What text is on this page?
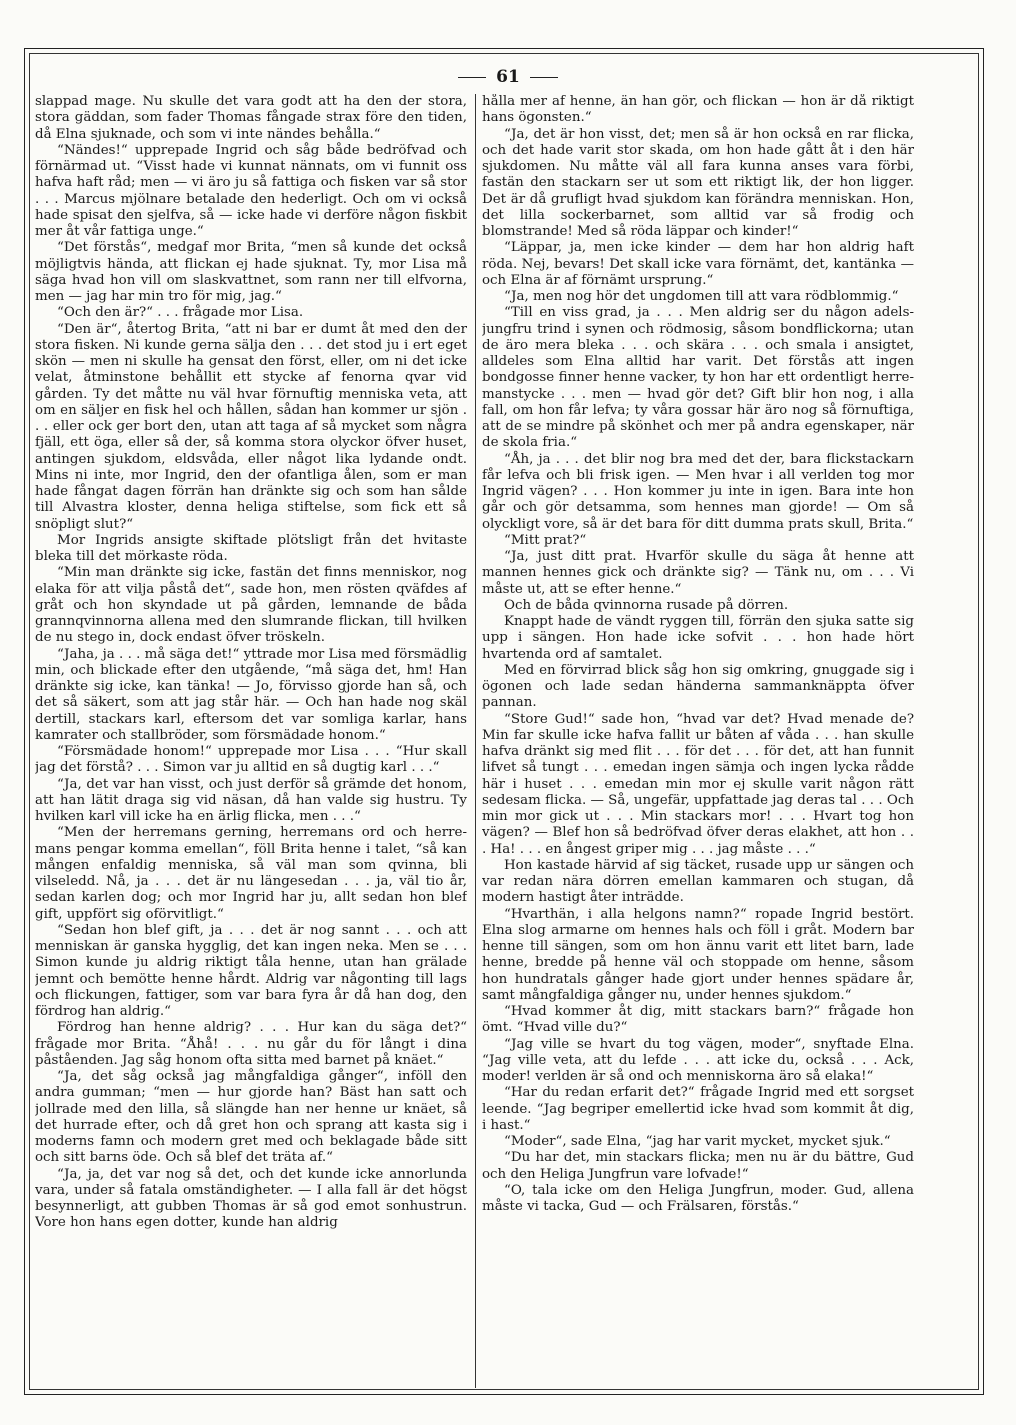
61

slappad mage. Nu skulle det vara godt att ha den der stora, stora gäddan, som fader Thomas fångade strax före den tiden, då Elna sjuknade, och som vi inte nändes behålla.“

“Nändes!“ upprepade Ingrid och såg både bedröfvad och förnärmad ut. “Visst hade vi kunnat nännats, om vi funnit oss hafva haft råd; men — vi äro ju så fattiga och fisken var så stor . . . Marcus mjölnare betalade den hederligt. Och om vi också hade spisat den sjelfva, så — icke hade vi derföre någon fiskbit mer åt vår fattiga unge.“

“Det förstås“, medgaf mor Brita, “men så kunde det också möjligtvis hända, att flickan ej hade sjuknat. Ty, mor Lisa må säga hvad hon vill om slaskvattnet, som rann ner till elfvorna, men — jag har min tro för mig, jag.“

“Och den är?“ . . . frågade mor Lisa.

“Den är“, återtog Brita, “att ni bar er dumt åt med den der stora fisken. Ni kunde gerna sälja den . . . det stod ju i ert eget skön — men ni skulle ha gensat den först, eller, om ni det icke velat, åtminstone behållit ett stycke af fenorna qvar vid gården. Ty det måtte nu väl hvar förnuftig menniska veta, att om en säljer en fisk hel och hållen, sådan han kommer ur sjön . . . eller ock ger bort den, utan att taga af så mycket som några fjäll, ett öga, eller så der, så komma stora olyckor öfver huset, antingen sjukdom, eldsvåda, eller något lika lydande ondt. Mins ni inte, mor Ingrid, den der ofantliga ålen, som er man hade fångat dagen förrän han dränkte sig och som han sålde till Alvastra kloster, denna heliga stiftelse, som fick ett så snöpligt slut?“

Mor Ingrids ansigte skiftade plötsligt från det hvitaste bleka till det mörkaste röda.

“Min man dränkte sig icke, fastän det finns menniskor, nog elaka för att vilja påstå det“, sade hon, men rösten qväfdes af gråt och hon skyndade ut på gården, lemnande de båda grannqvinnorna allena med den slumrande flickan, till hvilken de nu stego in, dock endast öfver tröskeln.

“Jaha, ja . . . må säga det!“ yttrade mor Lisa med försmädlig min, och blickade efter den utgående, “må säga det, hm! Han dränkte sig icke, kan tänka! — Jo, förvisso gjorde han så, och det så säkert, som att jag står här. — Och han hade nog skäl dertill, stackars karl, eftersom det var somliga karlar, hans kamrater och stallbröder, som försmädade honom.“

“Försmädade honom!“ upprepade mor Lisa . . . “Hur skall jag det förstå? . . . Simon var ju alltid en så dugtig karl . . .“

“Ja, det var han visst, och just derför så grämde det honom, att han lätit draga sig vid näsan, då han valde sig hustru. Ty hvilken karl vill icke ha en ärlig flicka, men . . .“

“Men der herremans gerning, herremans ord och herremans pengar komma emellan“, föll Brita henne i talet, “så kan mången enfaldig menniska, så väl man som qvinna, bli vilseledd. Nå, ja . . . det är nu längesedan . . . ja, väl tio år, sedan karlen dog; och mor Ingrid har ju, allt sedan hon blef gift, uppfört sig oförvitligt.“

“Sedan hon blef gift, ja . . . det är nog sannt . . . och att menniskan är ganska hygglig, det kan ingen neka. Men se . . . Simon kunde ju aldrig riktigt tåla henne, utan han grälade jemnt och bemötte henne hårdt. Aldrig var någonting till lags och flickungen, fattiger, som var bara fyra år då han dog, den fördrog han aldrig.“

Fördrog han henne aldrig? . . . Hur kan du säga det?“ frågade mor Brita. “Åhå! . . . nu går du för långt i dina påståenden. Jag såg honom ofta sitta med barnet på knäet.“

“Ja, det såg också jag mångfaldiga gånger“, inföll den andra gumman; “men — hur gjorde han? Bäst han satt och jollrade med den lilla, så slängde han ner henne ur knäet, så det hurrade efter, och då gret hon och sprang att kasta sig i moderns famn och modern gret med och beklagade både sitt och sitt barns öde. Och så blef det träta af.“

“Ja, ja, det var nog så det, och det kunde icke annorlunda vara, under så fatala omständigheter. — I alla fall är det högst besynnerligt, att gubben Thomas är så god emot sonhustrun. Vore hon hans egen dotter, kunde han aldrig

hålla mer af henne, än han gör, och flickan — hon är då riktigt hans ögonsten.“

“Ja, det är hon visst, det; men så är hon också en rar flicka, och det hade varit stor skada, om hon hade gått åt i den här sjukdomen. Nu måtte väl all fara kunna anses vara förbi, fastän den stackarn ser ut som ett riktigt lik, der hon ligger. Det är då grufligt hvad sjukdom kan förändra menniskan. Hon, det lilla sockerbarnet, som alltid var så frodig och blomstrande! Med så röda läppar och kinder!“

“Läppar, ja, men icke kinder — dem har hon aldrig haft röda. Nej, bevars! Det skall icke vara förnämt, det, kantänka — och Elna är af förnämt ursprung.“

“Ja, men nog hör det ungdomen till att vara rödblommig.“

“Till en viss grad, ja . . . Men aldrig ser du någon adelsjungfru trind i synen och rödmosig, såsom bondflickorna; utan de äro mera bleka . . . och skära . . . och smala i ansigtet, alldeles som Elna alltid har varit. Det förstås att ingen bondgosse finner henne vacker, ty hon har ett ordentligt herremanstycke . . . men — hvad gör det? Gift blir hon nog, i alla fall, om hon får lefva; ty våra gossar här äro nog så förnuftiga, att de se mindre på skönhet och mer på andra egenskaper, när de skola fria.“

“Åh, ja . . . det blir nog bra med det der, bara flickstackarn får lefva och bli frisk igen. — Men hvar i all verlden tog mor Ingrid vägen? . . . Hon kommer ju inte in igen. Bara inte hon går och gör detsamma, som hennes man gjorde! — Om så olyckligt vore, så är det bara för ditt dumma prats skull, Brita.“

“Mitt prat?“

“Ja, just ditt prat. Hvarför skulle du säga åt henne att mannen hennes gick och dränkte sig? — Tänk nu, om . . . Vi måste ut, att se efter henne.“

Och de båda qvinnorna rusade på dörren.

Knappt hade de vändt ryggen till, förrän den sjuka satte sig upp i sängen. Hon hade icke sofvit . . . hon hade hört hvartenda ord af samtalet.

Med en förvirrad blick såg hon sig omkring, gnuggade sig i ögonen och lade sedan händerna sammanknäppta öfver pannan.

“Store Gud!“ sade hon, “hvad var det? Hvad menade de? Min far skulle icke hafva fallit ur båten af våda . . . han skulle hafva dränkt sig med flit . . . för det . . . för det, att han funnit lifvet så tungt . . . emedan ingen sämja och ingen lycka rådde här i huset . . . emedan min mor ej skulle varit någon rätt sedesam flicka. — Så, ungefär, uppfattade jag deras tal . . . Och min mor gick ut . . . Min stackars mor! . . . Hvart tog hon vägen? — Blef hon så bedröfvad öfver deras elakhet, att hon . . . Ha! . . . en ångest griper mig . . . jag måste . . .“

Hon kastade härvid af sig täcket, rusade upp ur sängen och var redan nära dörren emellan kammaren och stugan, då modern hastigt åter inträdde.

“Hvarthän, i alla helgons namn?“ ropade Ingrid bestört. Elna slog armarne om hennes hals och föll i gråt. Modern bar henne till sängen, som om hon ännu varit ett litet barn, lade henne, bredde på henne väl och stoppade om henne, såsom hon hundratals gånger hade gjort under hennes spädare år, samt mångfaldiga gånger nu, under hennes sjukdom.“

“Hvad kommer åt dig, mitt stackars barn?“ frågade hon ömt. “Hvad ville du?“

“Jag ville se hvart du tog vägen, moder“, snyftade Elna. “Jag ville veta, att du lefde . . . att icke du, också . . . Ack, moder! verlden är så ond och menniskorna äro så elaka!“

“Har du redan erfarit det?“ frågade Ingrid med ett sorgset leende. “Jag begriper emellertid icke hvad som kommit åt dig, i hast.“

“Moder“, sade Elna, “jag har varit mycket, mycket sjuk.“

“Du har det, min stackars flicka; men nu är du bättre, Gud och den Heliga Jungfrun vare lofvade!“

“O, tala icke om den Heliga Jungfrun, moder. Gud, allena måste vi tacka, Gud — och Frälsaren, förstås.“
